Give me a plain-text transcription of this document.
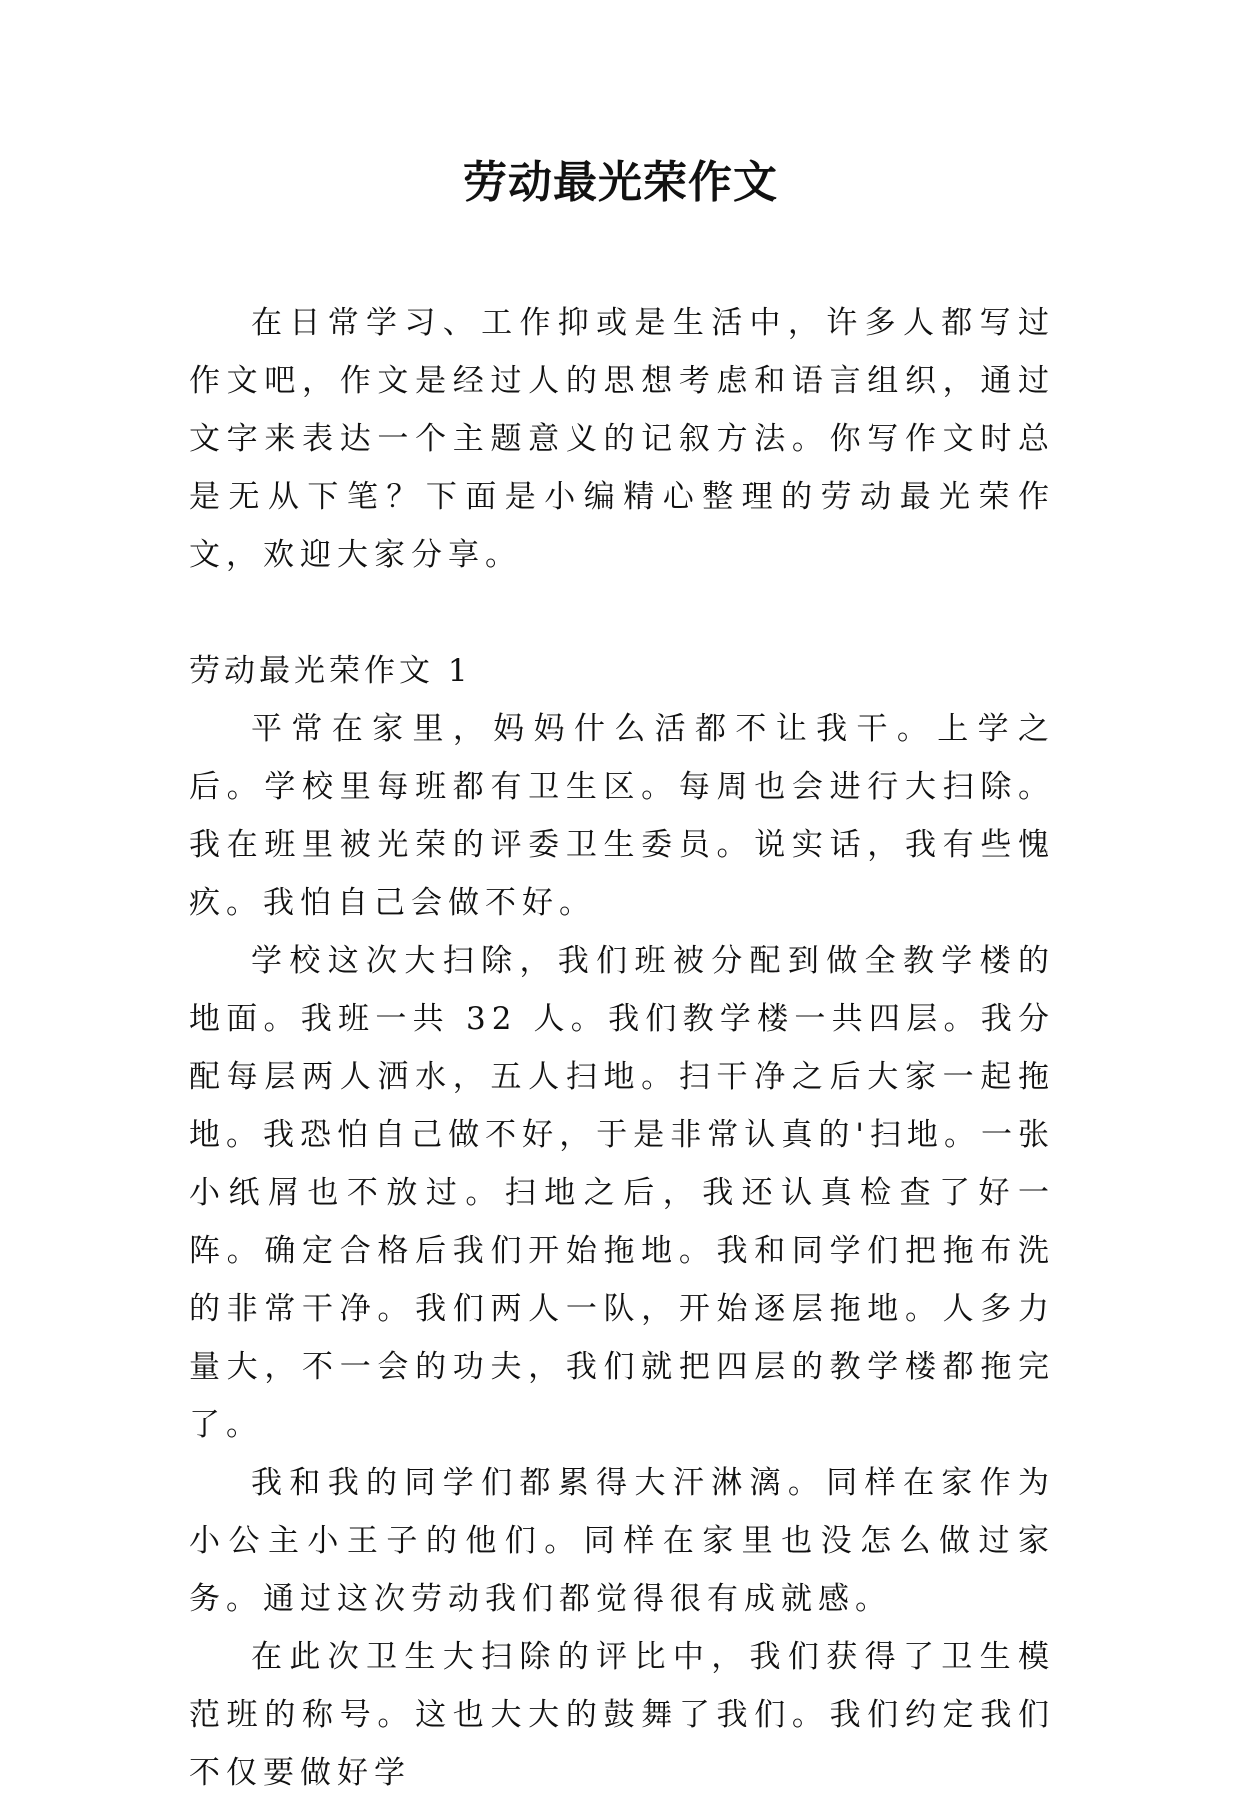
劳动最光荣作文

在日常学习、工作抑或是生活中，许多人都写过作文吧，作文是经过人的思想考虑和语言组织，通过文字来表达一个主题意义的记叙方法。你写作文时总是无从下笔？下面是小编精心整理的劳动最光荣作文，欢迎大家分享。

劳动最光荣作文 1

平常在家里，妈妈什么活都不让我干。上学之后。学校里每班都有卫生区。每周也会进行大扫除。我在班里被光荣的评委卫生委员。说实话，我有些愧疚。我怕自己会做不好。

学校这次大扫除，我们班被分配到做全教学楼的地面。我班一共 32 人。我们教学楼一共四层。我分配每层两人洒水，五人扫地。扫干净之后大家一起拖地。我恐怕自己做不好，于是非常认真的'扫地。一张小纸屑也不放过。扫地之后，我还认真检查了好一阵。确定合格后我们开始拖地。我和同学们把拖布洗的非常干净。我们两人一队，开始逐层拖地。人多力量大，不一会的功夫，我们就把四层的教学楼都拖完了。

我和我的同学们都累得大汗淋漓。同样在家作为小公主小王子的他们。同样在家里也没怎么做过家务。通过这次劳动我们都觉得很有成就感。

在此次卫生大扫除的评比中，我们获得了卫生模范班的称号。这也大大的鼓舞了我们。我们约定我们不仅要做好学
